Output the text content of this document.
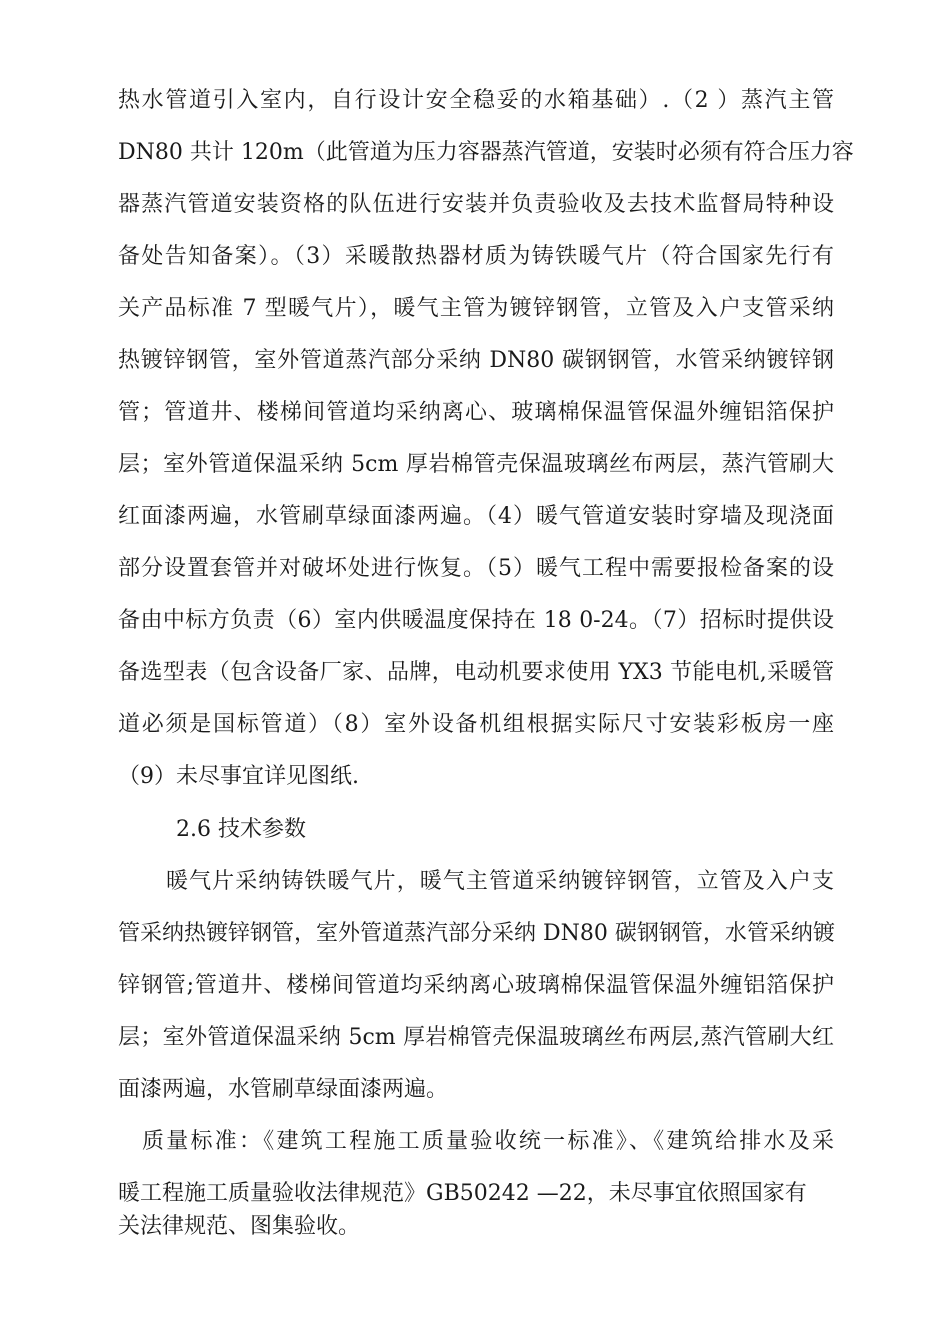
热水管道引入室内，自行设计安全稳妥的水箱基础）.（2 ）蒸汽主管
DN80 共计 120m（此管道为压力容器蒸汽管道，安装时必须有符合压力容
器蒸汽管道安装资格的队伍进行安装并负责验收及去技术监督局特种设
备处告知备案）。（3）采暖散热器材质为铸铁暖气片（符合国家先行有
关产品标准 7 型暖气片），暖气主管为镀锌钢管，立管及入户支管采纳
热镀锌钢管，室外管道蒸汽部分采纳 DN80 碳钢钢管，水管采纳镀锌钢
管；管道井、楼梯间管道均采纳离心、玻璃棉保温管保温外缠铝箔保护
层；室外管道保温采纳 5cm 厚岩棉管壳保温玻璃丝布两层，蒸汽管刷大
红面漆两遍，水管刷草绿面漆两遍。（4）暖气管道安装时穿墙及现浇面
部分设置套管并对破坏处进行恢复。（5）暖气工程中需要报检备案的设
备由中标方负责（6）室内供暖温度保持在 18 0-24。（7）招标时提供设
备选型表（包含设备厂家、品牌，电动机要求使用 YX3 节能电机,采暖管
道必须是国标管道）（8）室外设备机组根据实际尺寸安装彩板房一座
（9）未尽事宜详见图纸.
2.6 技术参数
暖气片采纳铸铁暖气片，暖气主管道采纳镀锌钢管，立管及入户支
管采纳热镀锌钢管，室外管道蒸汽部分采纳 DN80 碳钢钢管，水管采纳镀
锌钢管;管道井、楼梯间管道均采纳离心玻璃棉保温管保温外缠铝箔保护
层；室外管道保温采纳 5cm 厚岩棉管壳保温玻璃丝布两层,蒸汽管刷大红
面漆两遍，水管刷草绿面漆两遍。
质量标准：《建筑工程施工质量验收统一标准》、《建筑给排水及采
暖工程施工质量验收法律规范》GB50242 —22，未尽事宜依照国家有
关法律规范、图集验收。
